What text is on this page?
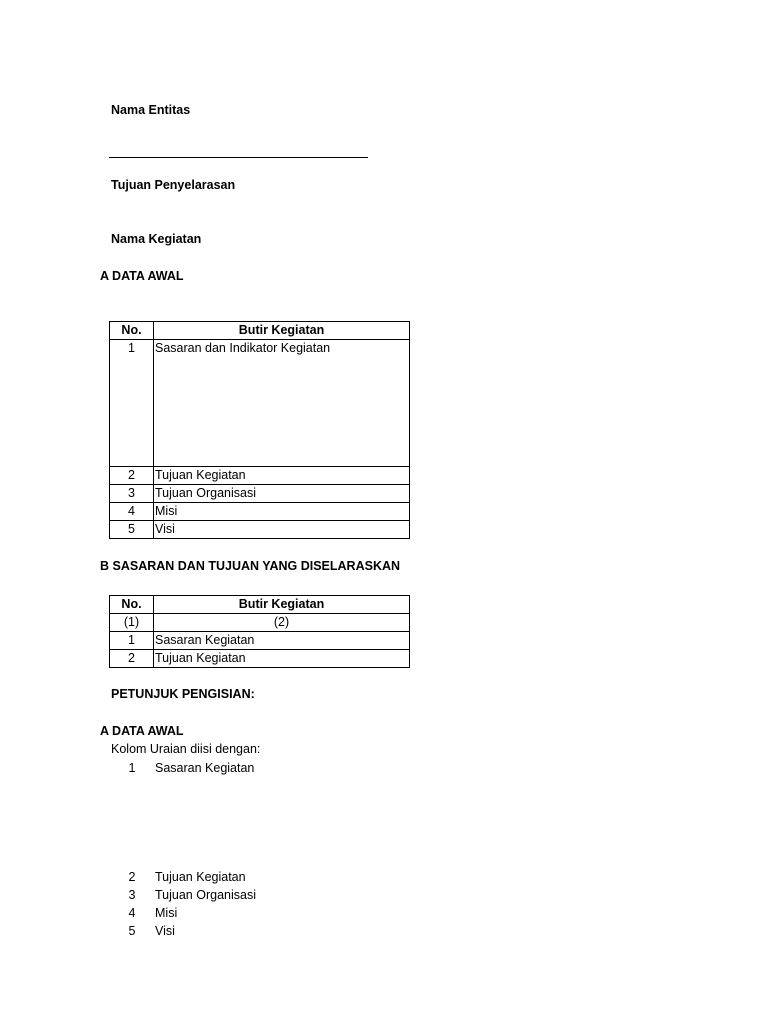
Nama Entitas
Tujuan Penyelarasan
Nama Kegiatan
A DATA AWAL
No.	Butir Kegiatan
1	Sasaran dan Indikator Kegiatan
2	Tujuan Kegiatan
3	Tujuan Organisasi
4	Misi
5	Visi
B SASARAN DAN TUJUAN YANG DISELARASKAN
No.	Butir Kegiatan
(1)	(2)
1	Sasaran Kegiatan
2	Tujuan Kegiatan
PETUNJUK PENGISIAN:
A DATA AWAL
Kolom Uraian diisi dengan:
1	Sasaran Kegiatan
2	Tujuan Kegiatan
3	Tujuan Organisasi
4	Misi
5	Visi
